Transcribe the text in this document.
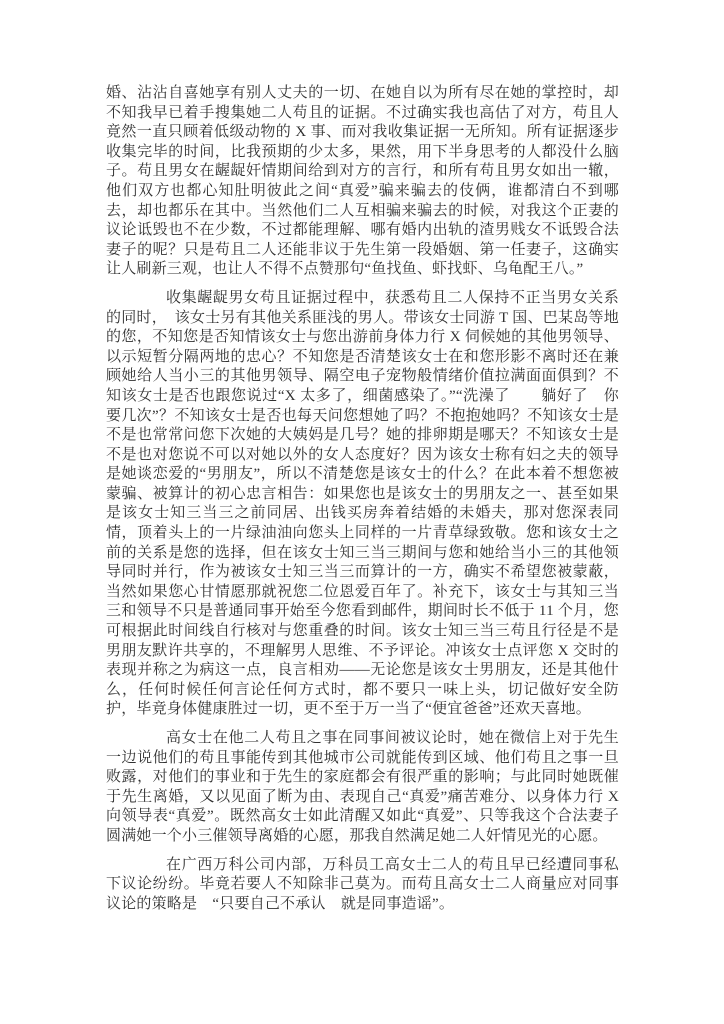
婚、沾沾自喜她享有别人丈夫的一切、在她自以为所有尽在她的掌控时，却不知我早已着手搜集她二人苟且的证据。不过确实我也高估了对方，苟且人竟然一直只顾着低级动物的 X 事、而对我收集证据一无所知。所有证据逐步收集完毕的时间，比我预期的少太多，果然，用下半身思考的人都没什么脑子。苟且男女在龌龊奸情期间给到对方的言行，和所有苟且男女如出一辙，他们双方也都心知肚明彼此之间“真爱”骗来骗去的伎俩，谁都清白不到哪去，却也都乐在其中。当然他们二人互相骗来骗去的时候，对我这个正妻的议论诋毁也不在少数，不过都能理解、哪有婚内出轨的渣男贱女不诋毁合法妻子的呢？只是苟且二人还能非议于先生第一段婚姻、第一任妻子，这确实让人刷新三观，也让人不得不点赞那句“鱼找鱼、虾找虾、乌龟配王八。”

收集龌龊男女苟且证据过程中，获悉苟且二人保持不正当男女关系的同时，　该女士另有其他关系匪浅的男人。带该女士同游 T 国、巴某岛等地的您，不知您是否知情该女士与您出游前身体力行 X 伺候她的其他男领导、以示短暂分隔两地的忠心？不知您是否清楚该女士在和您形影不离时还在兼顾她给人当小三的其他男领导、隔空电子宠物般情绪价值拉满面面俱到？不知该女士是否也跟您说过“X 太多了，细菌感染了。”“洗澡了　　躺好了　你要几次”？不知该女士是否也每天问您想她了吗？不抱抱她吗？不知该女士是不是也常常问您下次她的大姨妈是几号？她的排卵期是哪天？不知该女士是不是也对您说不可以对她以外的女人态度好？因为该女士称有妇之夫的领导是她谈恋爱的“男朋友”，所以不清楚您是该女士的什么？在此本着不想您被蒙骗、被算计的初心忠言相告：如果您也是该女士的男朋友之一、甚至如果是该女士知三当三之前同居、出钱买房奔着结婚的未婚夫，那对您深表同情，顶着头上的一片绿油油向您头上同样的一片青草绿致敬。您和该女士之前的关系是您的选择，但在该女士知三当三期间与您和她给当小三的其他领导同时并行，作为被该女士知三当三而算计的一方，确实不希望您被蒙蔽，当然如果您心甘情愿那就祝您二位恩爱百年了。补充下，该女士与其知三当三和领导不只是普通同事开始至今您看到邮件，期间时长不低于 11 个月，您可根据此时间线自行核对与您重叠的时间。该女士知三当三苟且行径是不是男朋友默许共享的，不理解男人思维、不予评论。冲该女士点评您 X 交时的表现并称之为病这一点，良言相劝——无论您是该女士男朋友，还是其他什么，任何时候任何言论任何方式时，都不要只一味上头，切记做好安全防护，毕竟身体健康胜过一切，更不至于万一当了“便宜爸爸”还欢天喜地。

高女士在他二人苟且之事在同事间被议论时，她在微信上对于先生一边说他们的苟且事能传到其他城市公司就能传到区域、他们苟且之事一旦败露，对他们的事业和于先生的家庭都会有很严重的影响；与此同时她既催于先生离婚，又以见面了断为由、表现自己“真爱”痛苦难分、以身体力行 X 向领导表“真爱”。既然高女士如此清醒又如此“真爱”、只等我这个合法妻子圆满她一个小三催领导离婚的心愿，那我自然满足她二人奸情见光的心愿。

在广西万科公司内部，万科员工高女士二人的苟且早已经遭同事私下议论纷纷。毕竟若要人不知除非己莫为。而苟且高女士二人商量应对同事议论的策略是　“只要自己不承认　就是同事造谣”。
